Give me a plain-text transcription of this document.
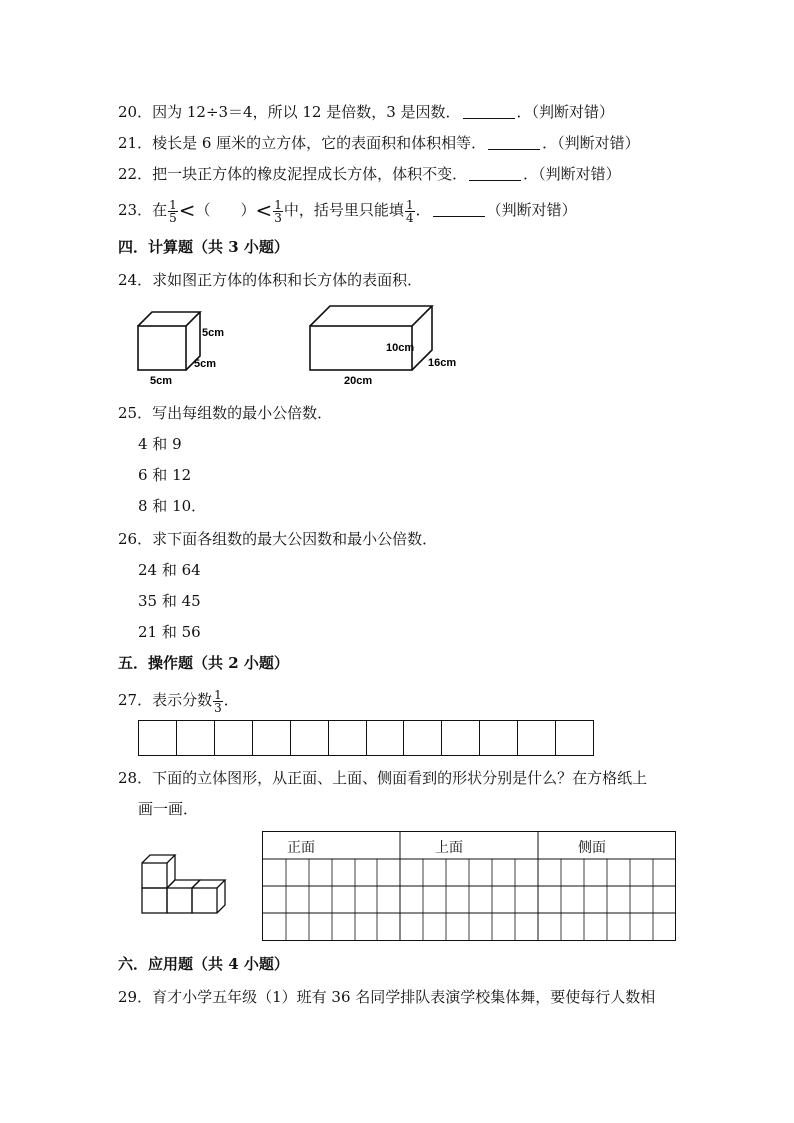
20．因为 12÷3＝4，所以 12 是倍数，3 是因数．	．（判断对错）
21．棱长是 6 厘米的立方体，它的表面积和体积相等．	．（判断对错）
22．把一块正方体的橡皮泥捏成长方体，体积不变．	．（判断对错）
23．在 $\frac{1}{5}$ <（　　）< $\frac{1}{3}$ 中，括号里只能填 $\frac{1}{4}$ ．	（判断对错）
四．计算题（共 3 小题）
24．求如图正方体的体积和长方体的表面积．
5cm
5cm
5cm
10cm
16cm
20cm
25．写出每组数的最小公倍数．
4 和 9
6 和 12
8 和 10．
26．求下面各组数的最大公因数和最小公倍数．
24 和 64
35 和 45
21 和 56
五．操作题（共 2 小题）
27．表示分数 $\frac{1}{3}$ ．
28．下面的立体图形，从正面、上面、侧面看到的形状分别是什么？在方格纸上
画一画．
正面	上面	侧面
六．应用题（共 4 小题）
29．育才小学五年级（1）班有 36 名同学排队表演学校集体舞，要使每行人数相
